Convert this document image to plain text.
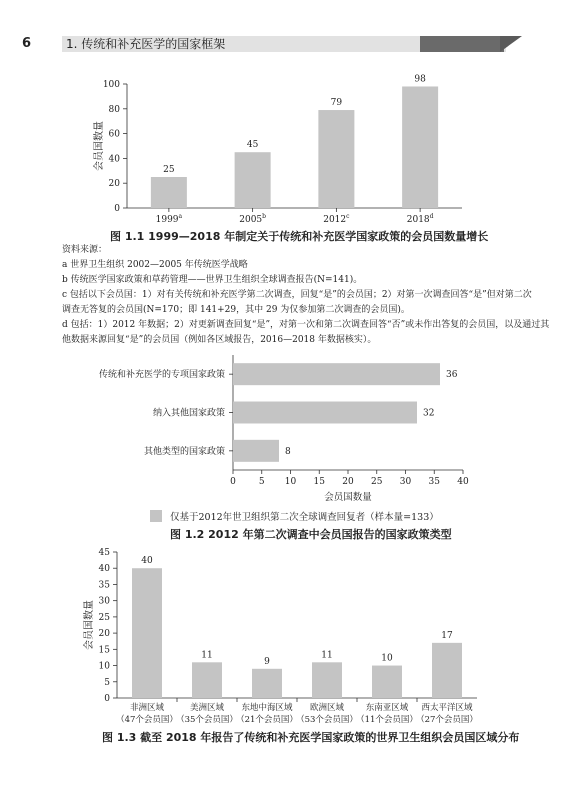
6	1. 传统和补充医学的国家框架
0
20
40
60
80
100
25
1999$^a$
45
2005$^b$
79
2012$^c$
98
2018$^d$
会员国数量
0	5 10 15 20 25 30 35 40
36
传统和补充医学的专项国家政策
32
纳入其他国家政策
8
其他类型的国家政策
会员国数量
0
5
10
15
20
25
30
35
40
45
40
非洲区域
（47个会员国）
11
美洲区域
（35个会员国）
9
东地中海区域
（21个会员国）
11
欧洲区域
（53个会员国）
10
东南亚区域
（11个会员国）
17
西太平洋区域
（27个会员国）
会员国数量
图 1.1 1999—2018 年制定关于传统和补充医学国家政策的会员国数量增长
资料来源：
a 世界卫生组织 2002—2005 年传统医学战略
b 传统医学国家政策和草药管理——世界卫生组织全球调查报告(N=141)。
c 包括以下会员国：1）对有关传统和补充医学第二次调查，回复“是”的会员国；2）对第一次调查回答“是”但对第二次
调查无答复的会员国(N=170；即 141+29，其中 29 为仅参加第二次调查的会员国)。
d 包括：1）2012 年数据；2）对更新调查回复“是”，对第一次和第二次调查回答“否”或未作出答复的会员国，以及通过其
他数据来源回复“是”的会员国（例如各区域报告，2016—2018 年数据核实）。
仅基于2012年世卫组织第二次全球调查回复者（样本量=133）
图 1.2 2012 年第二次调查中会员国报告的国家政策类型
图 1.3 截至 2018 年报告了传统和补充医学国家政策的世界卫生组织会员国区域分布
